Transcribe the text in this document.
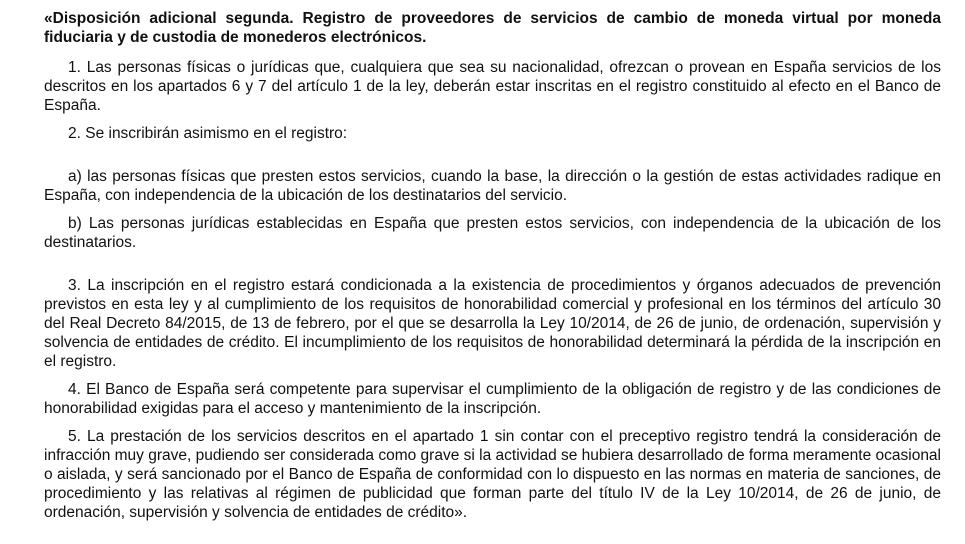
«Disposición adicional segunda. Registro de proveedores de servicios de cambio de moneda virtual por moneda fiduciaria y de custodia de monederos electrónicos.

1. Las personas físicas o jurídicas que, cualquiera que sea su nacionalidad, ofrezcan o provean en España servicios de los descritos en los apartados 6 y 7 del artículo 1 de la ley, deberán estar inscritas en el registro constituido al efecto en el Banco de España.

2. Se inscribirán asimismo en el registro:

a) las personas físicas que presten estos servicios, cuando la base, la dirección o la gestión de estas actividades radique en España, con independencia de la ubicación de los destinatarios del servicio.

b) Las personas jurídicas establecidas en España que presten estos servicios, con independencia de la ubicación de los destinatarios.

3. La inscripción en el registro estará condicionada a la existencia de procedimientos y órganos adecuados de prevención previstos en esta ley y al cumplimiento de los requisitos de honorabilidad comercial y profesional en los términos del artículo 30 del Real Decreto 84/2015, de 13 de febrero, por el que se desarrolla la Ley 10/2014, de 26 de junio, de ordenación, supervisión y solvencia de entidades de crédito. El incumplimiento de los requisitos de honorabilidad determinará la pérdida de la inscripción en el registro.

4. El Banco de España será competente para supervisar el cumplimiento de la obligación de registro y de las condiciones de honorabilidad exigidas para el acceso y mantenimiento de la inscripción.

5. La prestación de los servicios descritos en el apartado 1 sin contar con el preceptivo registro tendrá la consideración de infracción muy grave, pudiendo ser considerada como grave si la actividad se hubiera desarrollado de forma meramente ocasional o aislada, y será sancionado por el Banco de España de conformidad con lo dispuesto en las normas en materia de sanciones, de procedimiento y las relativas al régimen de publicidad que forman parte del título IV de la Ley 10/2014, de 26 de junio, de ordenación, supervisión y solvencia de entidades de crédito».
